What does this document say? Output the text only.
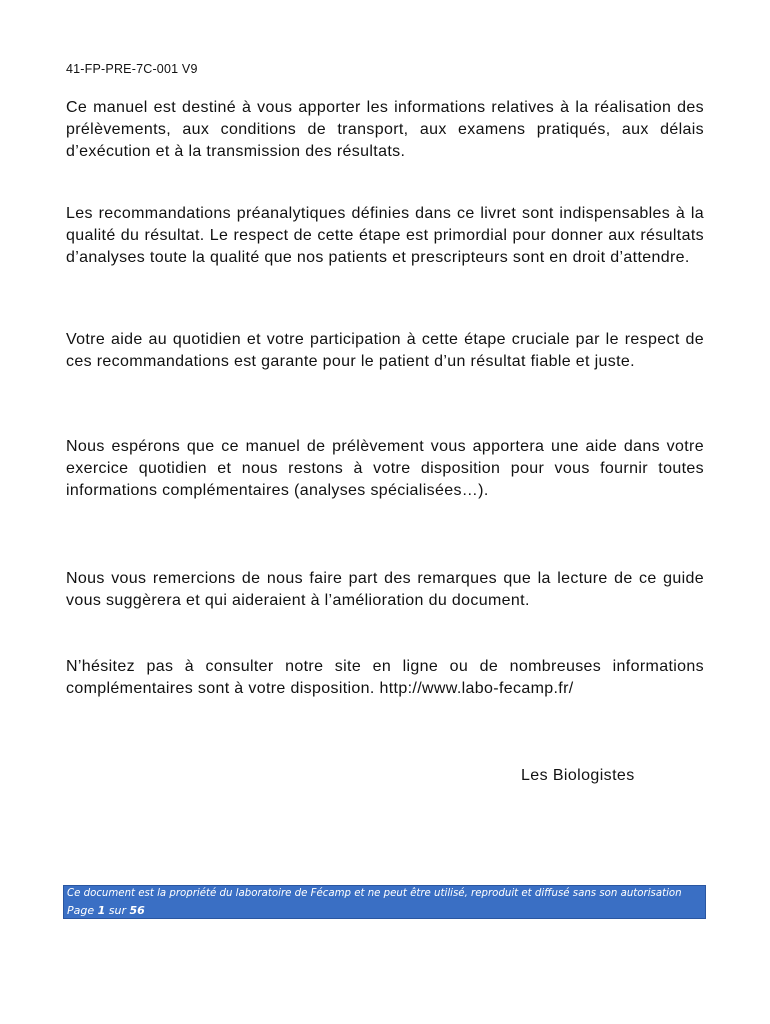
41-FP-PRE-7C-001 V9

Ce manuel est destiné à vous apporter les informations relatives à la réalisation des prélèvements, aux conditions de transport, aux examens pratiqués, aux délais d’exécution et à la transmission des résultats.

Les recommandations préanalytiques définies dans ce livret sont indispensables à la qualité du résultat. Le respect de cette étape est primordial pour donner aux résultats d’analyses toute la qualité que nos patients et prescripteurs sont en droit d’attendre.

Votre aide au quotidien et votre participation à cette étape cruciale par le respect de ces recommandations est garante pour le patient d’un résultat fiable et juste.

Nous espérons que ce manuel de prélèvement vous apportera une aide dans votre exercice quotidien et nous restons à votre disposition pour vous fournir toutes informations complémentaires (analyses spécialisées…).

Nous vous remercions de nous faire part des remarques que la lecture de ce guide vous suggèrera et qui aideraient à l’amélioration du document.

N’hésitez pas à consulter notre site en ligne ou de nombreuses informations complémentaires sont à votre disposition. http://www.labo-fecamp.fr/

Les Biologistes
Ce document est la propriété du laboratoire de Fécamp et ne peut être utilisé, reproduit et diffusé sans son autorisation
Page 1 sur 56
